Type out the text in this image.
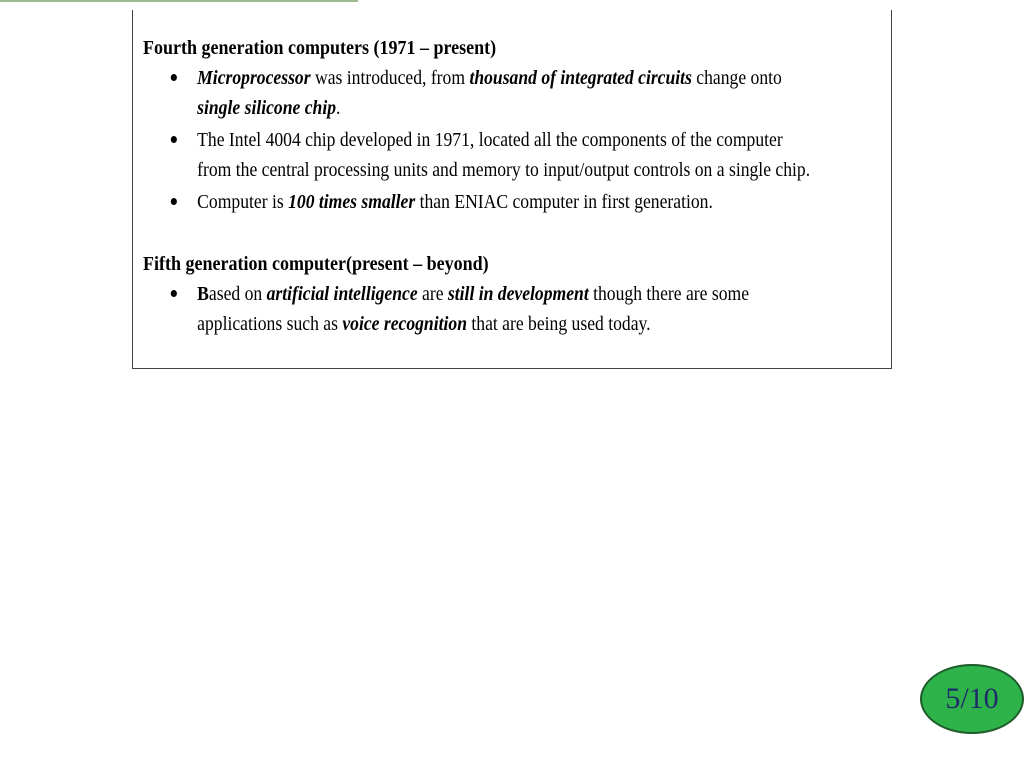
Fourth generation computers (1971 – present)
Microprocessor was introduced, from thousand of integrated circuits change onto
single silicone chip.
The Intel 4004 chip developed in 1971, located all the components of the computer
from the central processing units and memory to input/output controls on a single chip.
Computer is 100 times smaller than ENIAC computer in first generation.
Fifth generation computer(present – beyond)
Based on artificial intelligence are still in development though there are some
applications such as voice recognition that are being used today.
5/10
